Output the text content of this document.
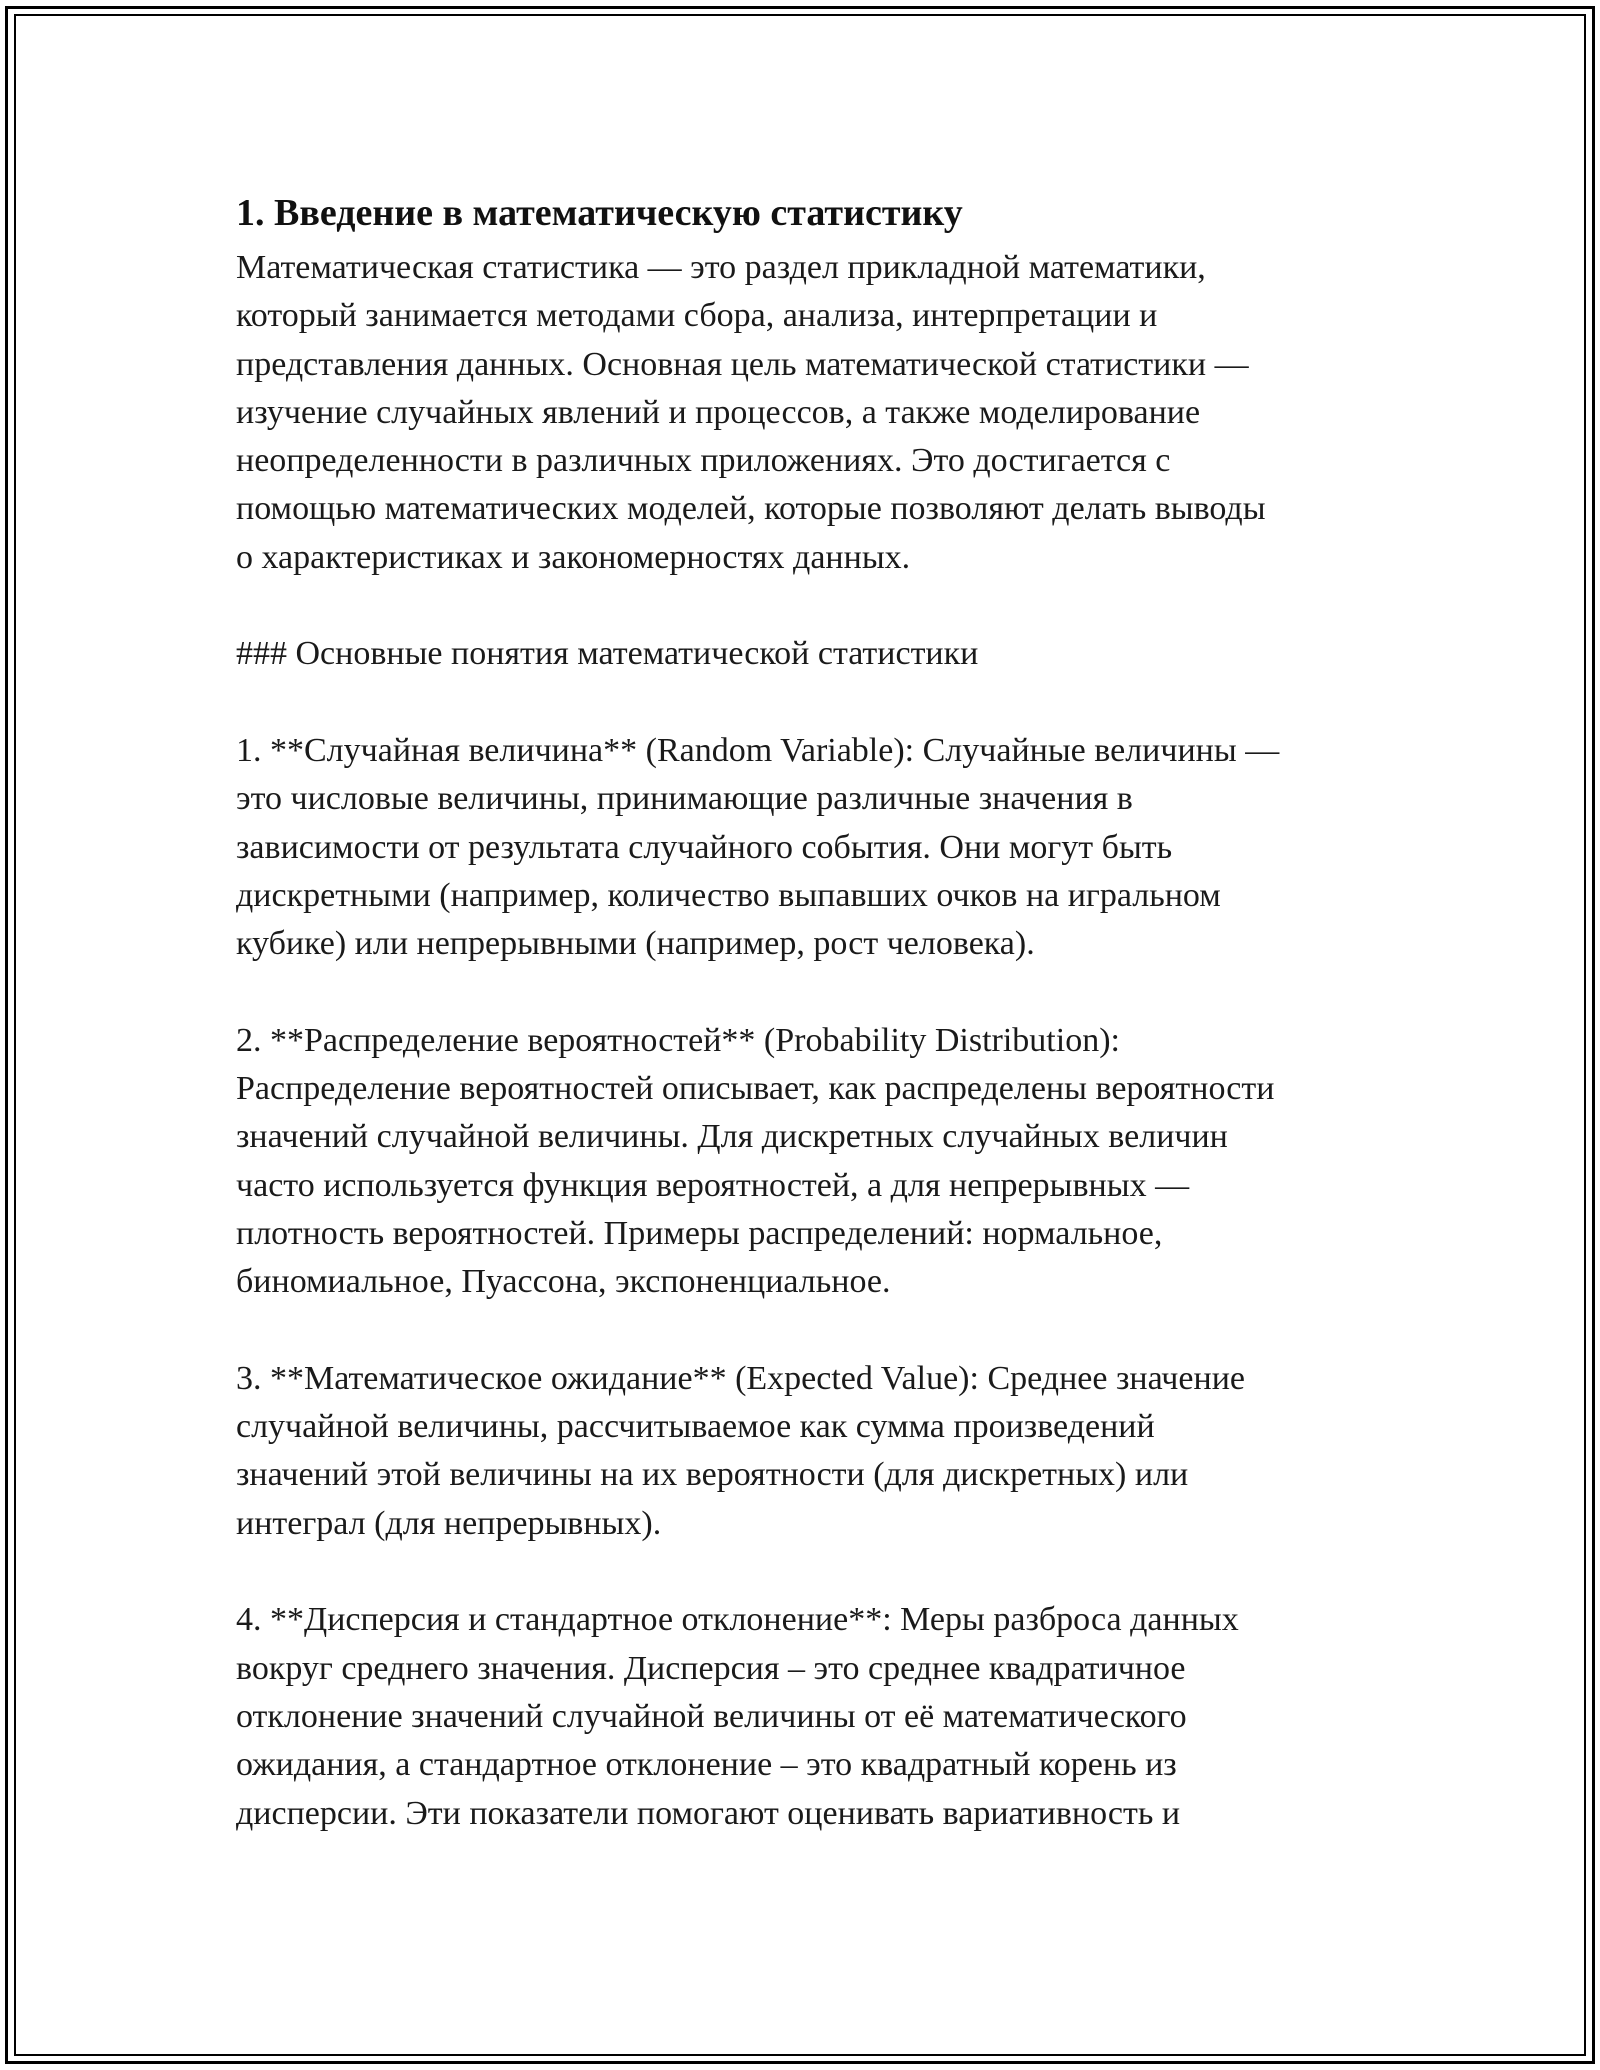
1. Введение в математическую статистику

Математическая статистика — это раздел прикладной математики,
который занимается методами сбора, анализа, интерпретации и
представления данных. Основная цель математической статистики —
изучение случайных явлений и процессов, а также моделирование
неопределенности в различных приложениях. Это достигается с
помощью математических моделей, которые позволяют делать выводы
о характеристиках и закономерностях данных.

### Основные понятия математической статистики

1. **Случайная величина** (Random Variable): Случайные величины —
это числовые величины, принимающие различные значения в
зависимости от результата случайного события. Они могут быть
дискретными (например, количество выпавших очков на игральном
кубике) или непрерывными (например, рост человека).

2. **Распределение вероятностей** (Probability Distribution):
Распределение вероятностей описывает, как распределены вероятности
значений случайной величины. Для дискретных случайных величин
часто используется функция вероятностей, а для непрерывных —
плотность вероятностей. Примеры распределений: нормальное,
биномиальное, Пуассона, экспоненциальное.

3. **Математическое ожидание** (Expected Value): Среднее значение
случайной величины, рассчитываемое как сумма произведений
значений этой величины на их вероятности (для дискретных) или
интеграл (для непрерывных).

4. **Дисперсия и стандартное отклонение**: Меры разброса данных
вокруг среднего значения. Дисперсия – это среднее квадратичное
отклонение значений случайной величины от её математического
ожидания, а стандартное отклонение – это квадратный корень из
дисперсии. Эти показатели помогают оценивать вариативность и
